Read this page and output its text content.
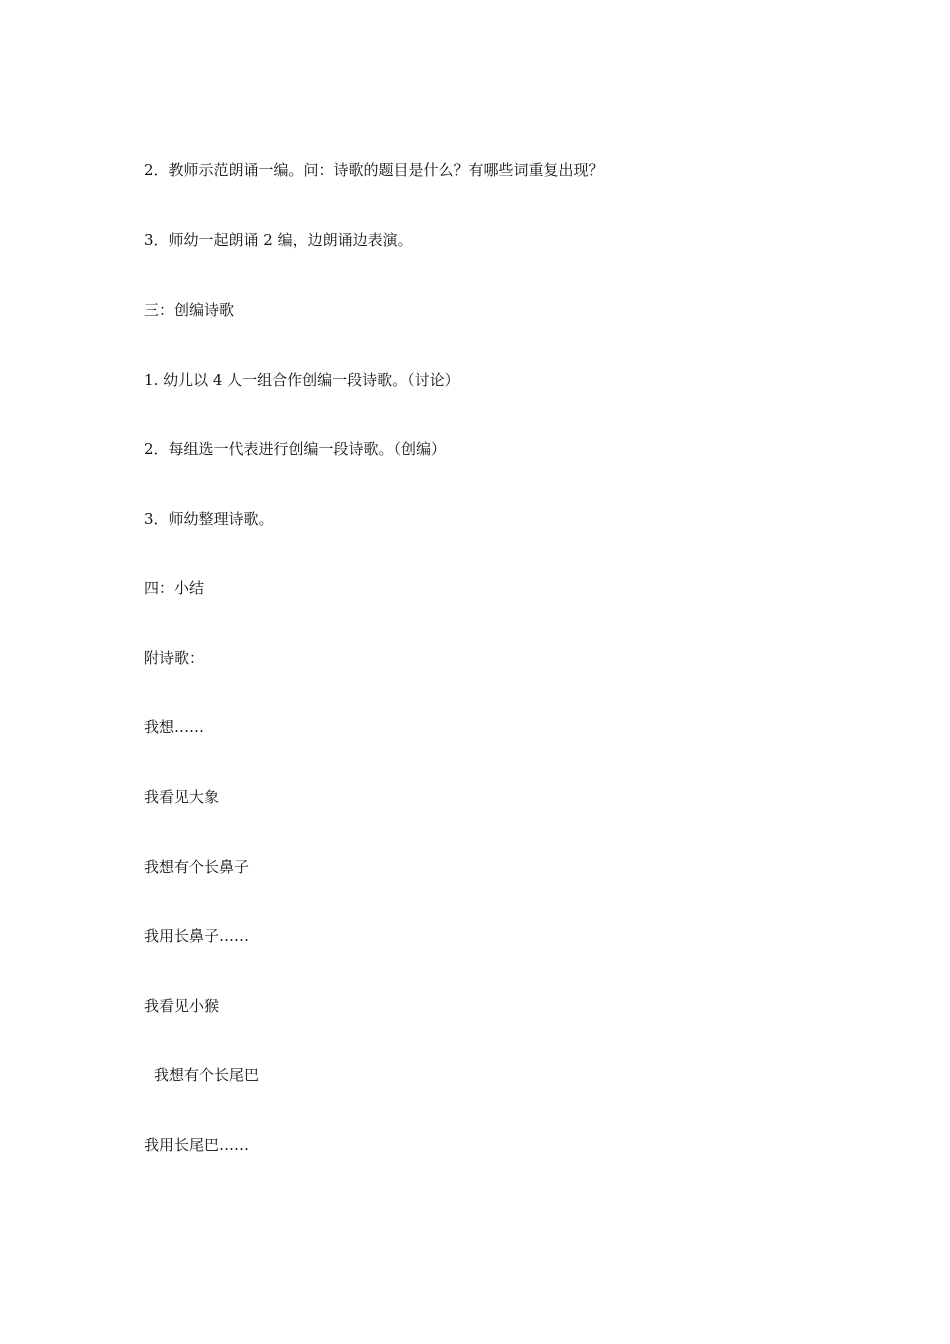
2．教师示范朗诵一编。问：诗歌的题目是什么？有哪些词重复出现？
3．师幼一起朗诵 2 编，边朗诵边表演。
三：创编诗歌
1. 幼儿以 4 人一组合作创编一段诗歌。（讨论）
2．每组选一代表进行创编一段诗歌。（创编）
3．师幼整理诗歌。
四：小结
附诗歌：
我想……
我看见大象
我想有个长鼻子
我用长鼻子……
我看见小猴
我想有个长尾巴
我用长尾巴……
